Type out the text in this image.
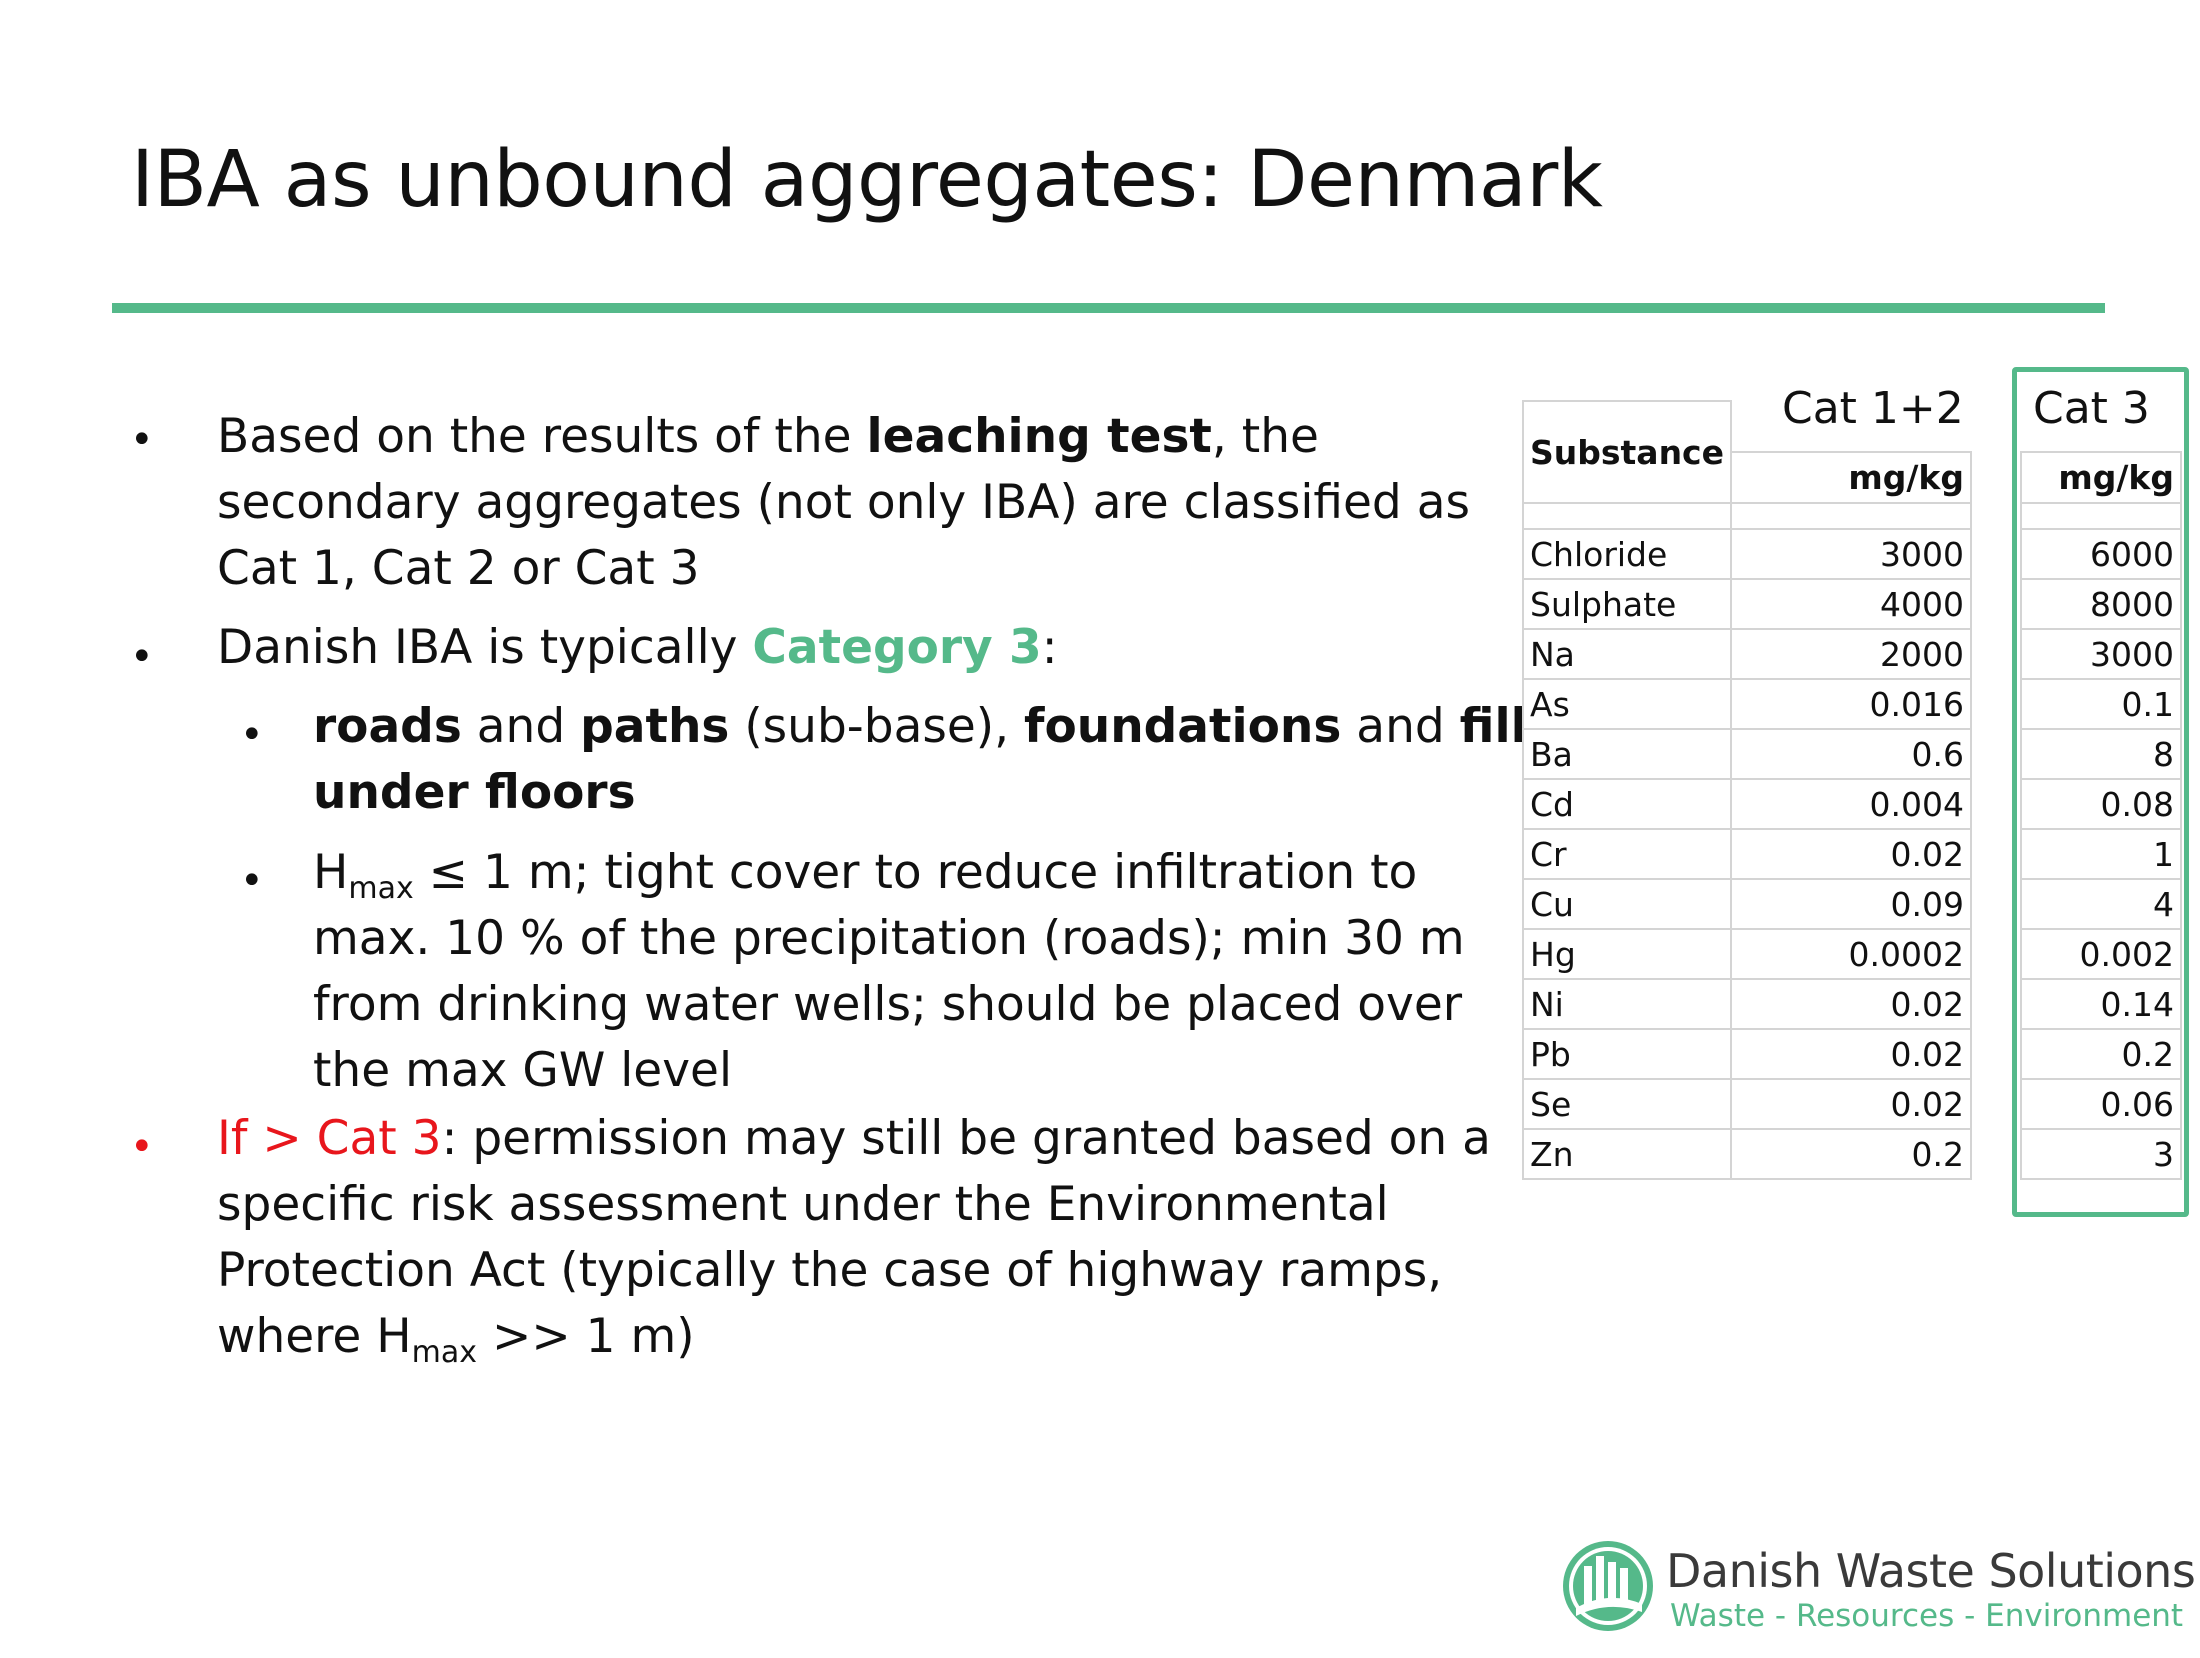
IBA as unbound aggregates: Denmark
• Based on the results of the leaching test, the
secondary aggregates (not only IBA) are classified as
Cat 1, Cat 2 or Cat 3
• Danish IBA is typically Category 3:
• roads and paths (sub-base), foundations and fill
under floors
• $H_{max} \le 1$ m; tight cover to reduce infiltration to
max. 10 % of the precipitation (roads); min 30 m
from drinking water wells; should be placed over
the max GW level
• If > Cat 3: permission may still be granted based on a
specific risk assessment under the Environmental
Protection Act (typically the case of highway ramps,
where $H_{max} >> 1$ m)
Cat 1+2 Cat 3
Substance			
	mg/kg		mg/kg

Chloride	3000		6000
Sulphate	4000		8000
Na	2000		3000
As	0.016		0.1
Ba	0.6		8
Cd	0.004		0.08
Cr	0.02		1
Cu	0.09		4
Hg	0.0002		0.002
Ni	0.02		0.14
Pb	0.02		0.2
Se	0.02		0.06
Zn	0.2		3
Danish Waste Solutions
Waste - Resources - Environment
